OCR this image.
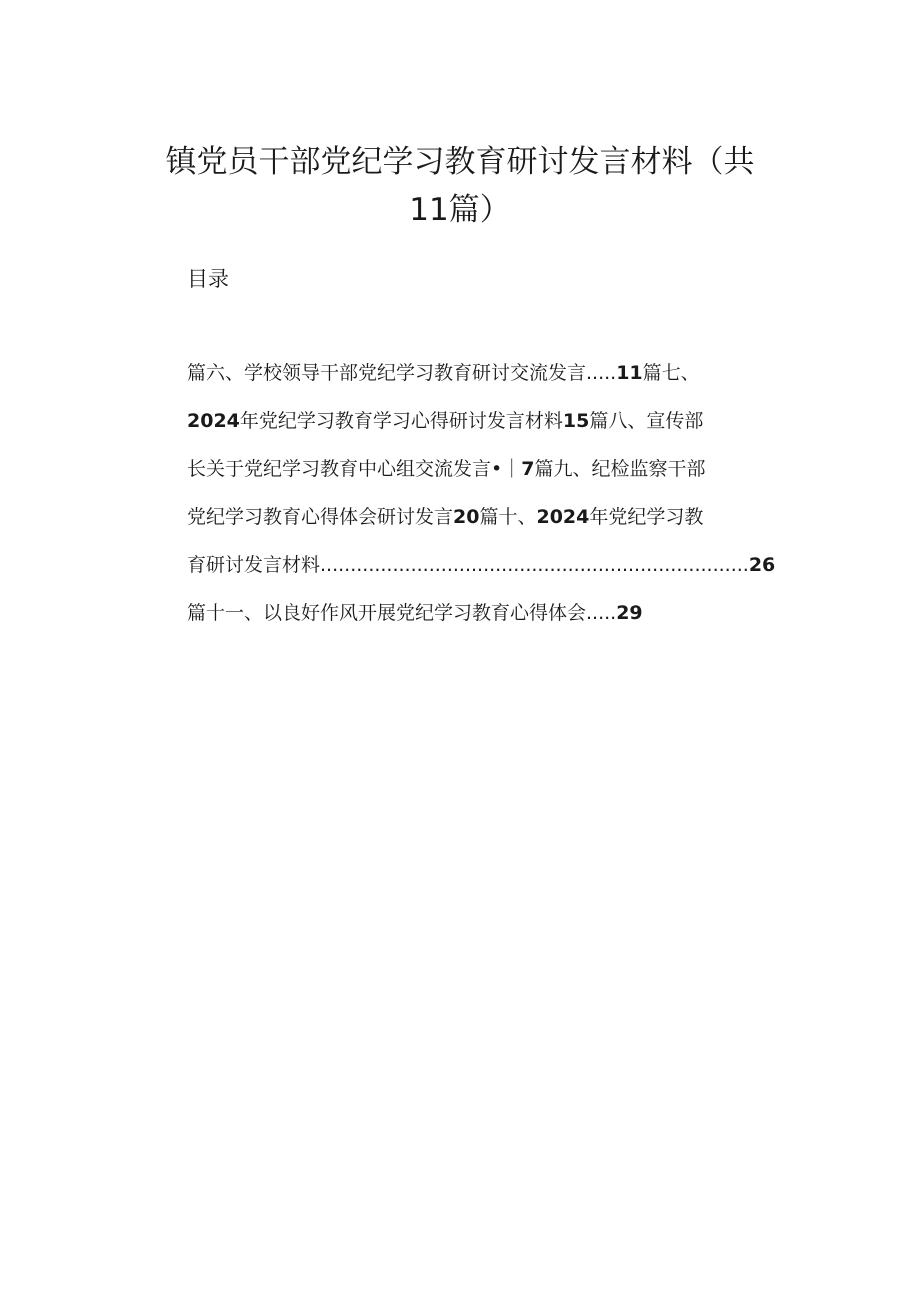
镇党员干部党纪学习教育研讨发言材料（共
11篇）
目录
篇六、学校领导干部党纪学习教育研讨交流发言.....11篇七、
2024年党纪学习教育学习心得研讨发言材料15篇八、宣传部
长关于党纪学习教育中心组交流发言•｜7篇九、纪检监察干部
党纪学习教育心得体会研讨发言20篇十、2024年党纪学习教
育研讨发言材料.......................................................................26
篇十一、以良好作风开展党纪学习教育心得体会.....29
